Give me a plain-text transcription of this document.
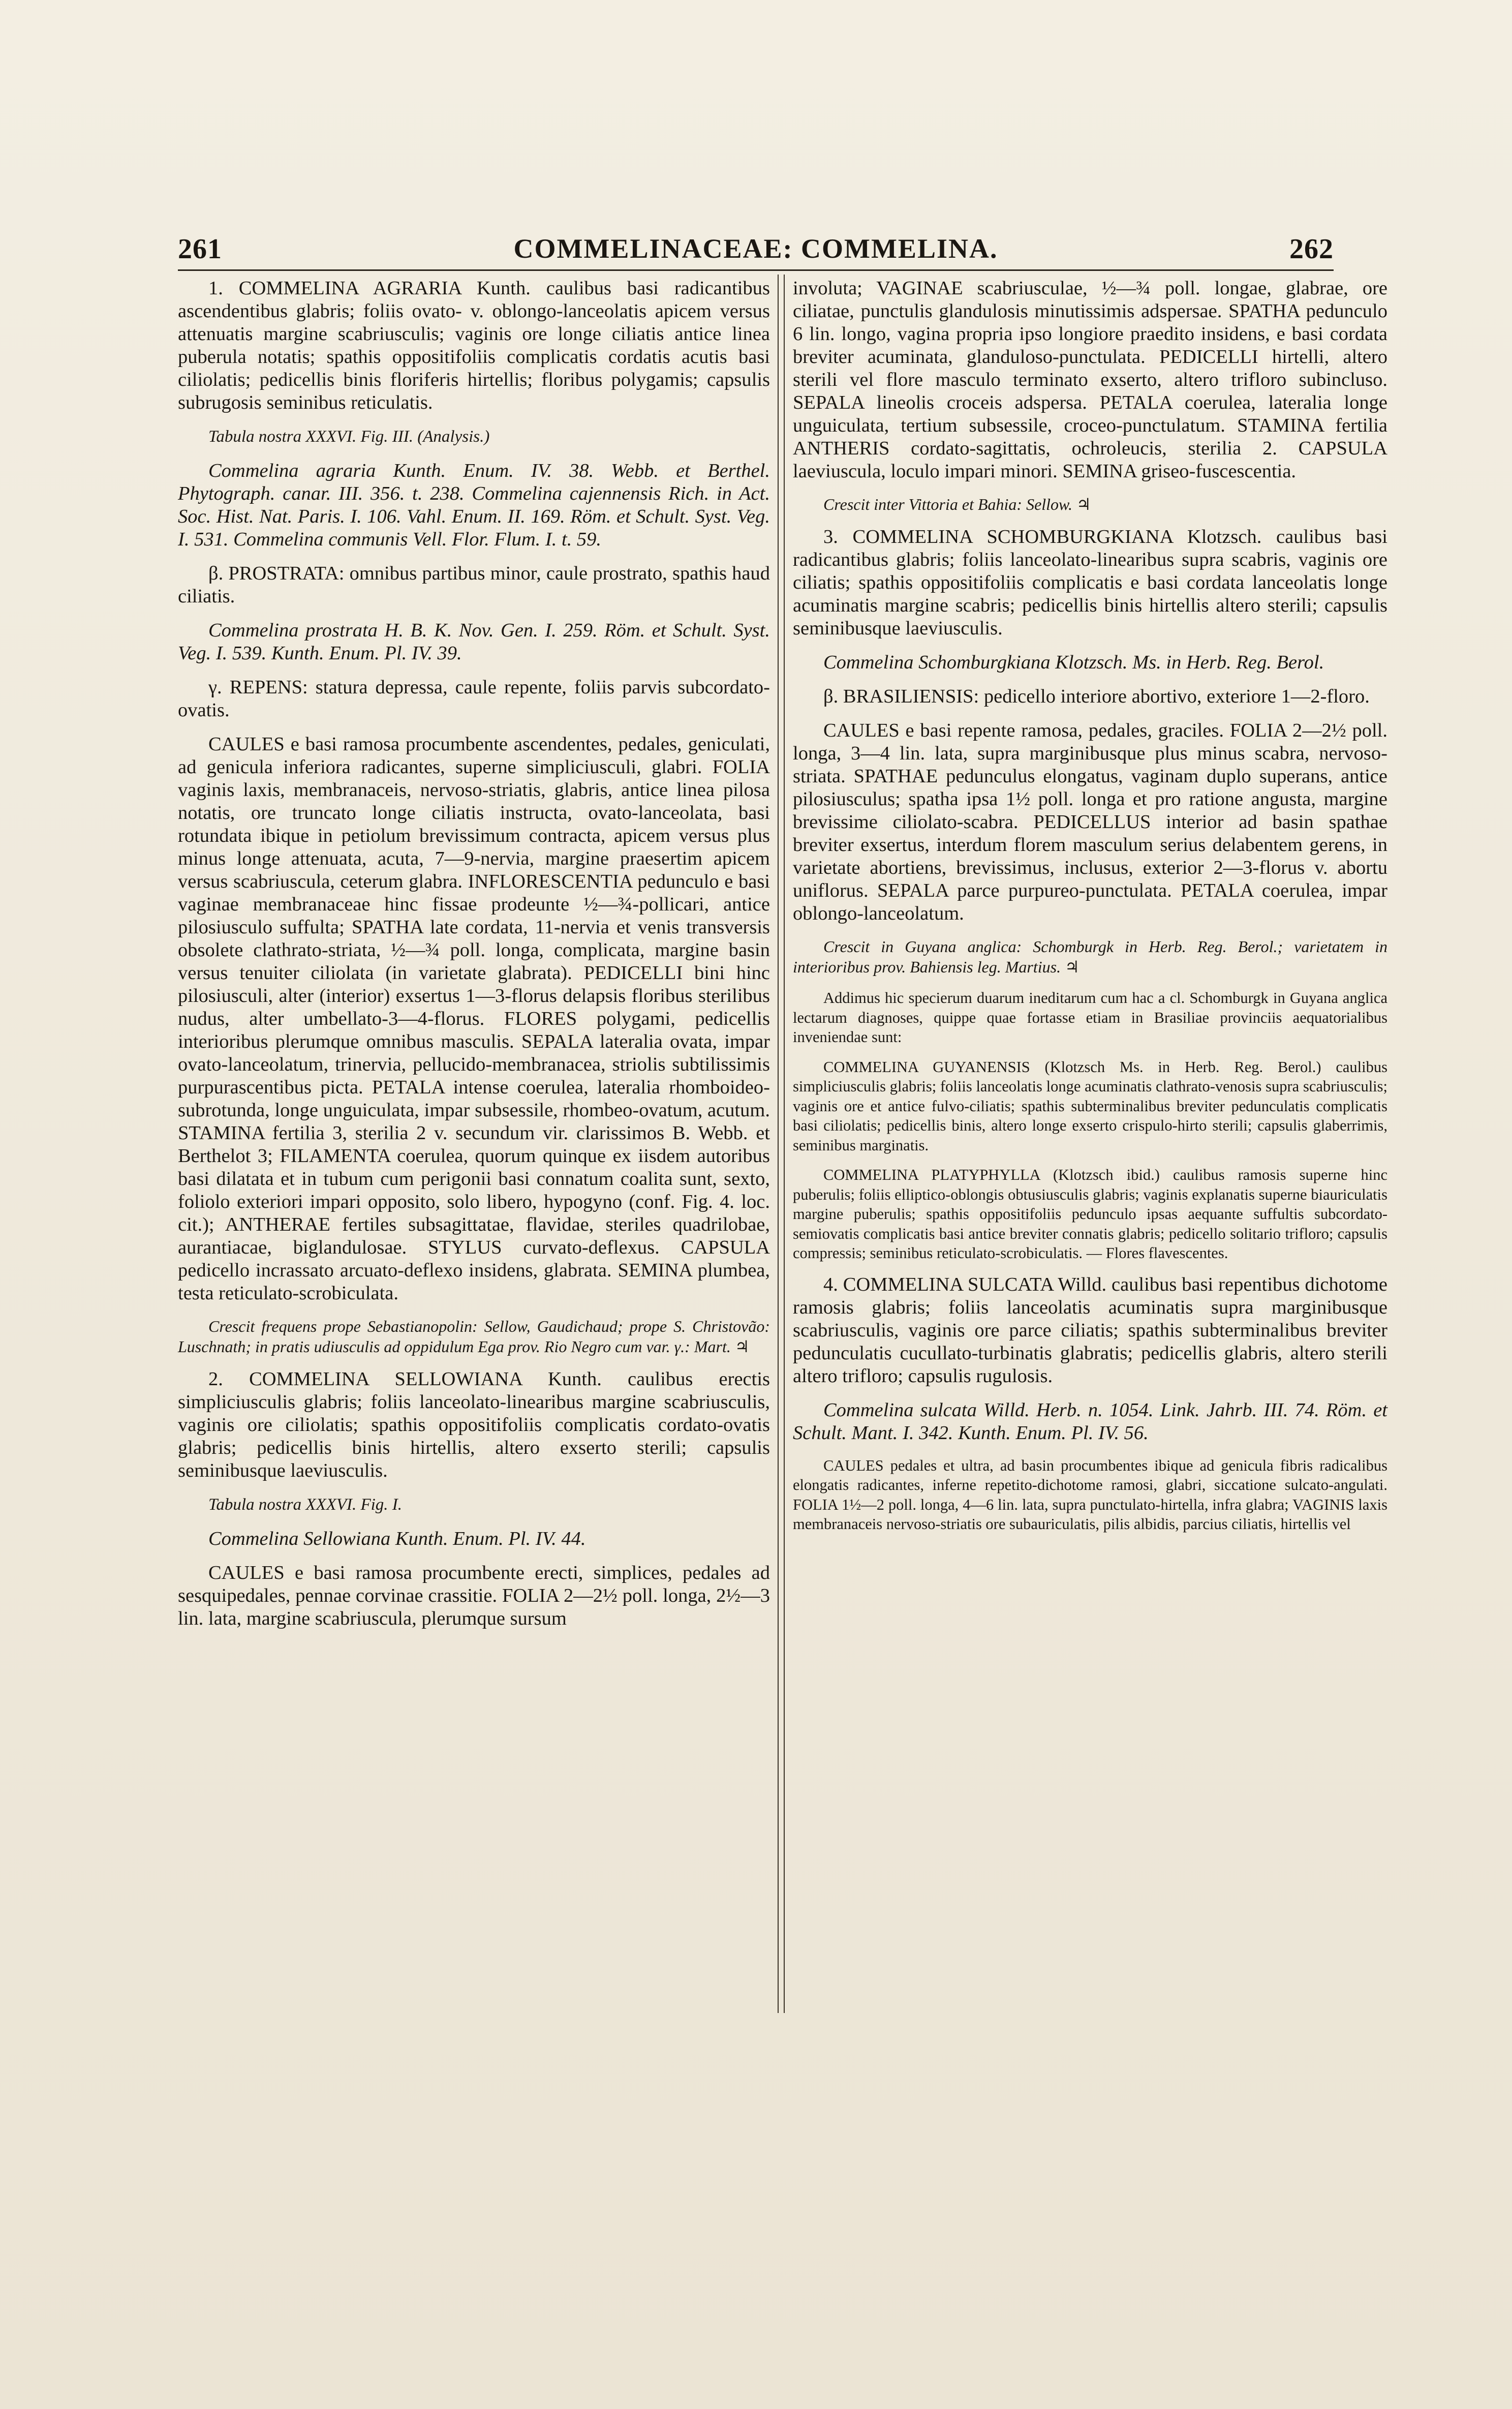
261	COMMELINACEAE: COMMELINA.	262

1. COMMELINA AGRARIA Kunth. caulibus basi radicantibus ascendentibus glabris; foliis ovato- v. oblongo-lanceolatis apicem versus attenuatis margine scabriusculis; vaginis ore longe ciliatis antice linea puberula notatis; spathis oppositifoliis complicatis cordatis acutis basi ciliolatis; pedicellis binis floriferis hirtellis; floribus polygamis; capsulis subrugosis seminibus reticulatis.

Tabula nostra XXXVI. Fig. III. (Analysis.)

Commelina agraria Kunth. Enum. IV. 38. Webb. et Berthel. Phytograph. canar. III. 356. t. 238. Commelina cajennensis Rich. in Act. Soc. Hist. Nat. Paris. I. 106. Vahl. Enum. II. 169. Röm. et Schult. Syst. Veg. I. 531. Commelina communis Vell. Flor. Flum. I. t. 59.

β. PROSTRATA: omnibus partibus minor, caule prostrato, spathis haud ciliatis.

Commelina prostrata H. B. K. Nov. Gen. I. 259. Röm. et Schult. Syst. Veg. I. 539. Kunth. Enum. Pl. IV. 39.

γ. REPENS: statura depressa, caule repente, foliis parvis subcordato-ovatis.

CAULES e basi ramosa procumbente ascendentes, pedales, geniculati, ad genicula inferiora radicantes, superne simpliciusculi, glabri. FOLIA vaginis laxis, membranaceis, nervoso-striatis, glabris, antice linea pilosa notatis, ore truncato longe ciliatis instructa, ovato-lanceolata, basi rotundata ibique in petiolum brevissimum contracta, apicem versus plus minus longe attenuata, acuta, 7—9-nervia, margine praesertim apicem versus scabriuscula, ceterum glabra. INFLORESCENTIA pedunculo e basi vaginae membranaceae hinc fissae prodeunte ½—¾-pollicari, antice pilosiusculo suffulta; SPATHA late cordata, 11-nervia et venis transversis obsolete clathrato-striata, ½—¾ poll. longa, complicata, margine basin versus tenuiter ciliolata (in varietate glabrata). PEDICELLI bini hinc pilosiusculi, alter (interior) exsertus 1—3-florus delapsis floribus sterilibus nudus, alter umbellato-3—4-florus. FLORES polygami, pedicellis interioribus plerumque omnibus masculis. SEPALA lateralia ovata, impar ovato-lanceolatum, trinervia, pellucido-membranacea, striolis subtilissimis purpurascentibus picta. PETALA intense coerulea, lateralia rhomboideo-subrotunda, longe unguiculata, impar subsessile, rhombeo-ovatum, acutum. STAMINA fertilia 3, sterilia 2 v. secundum vir. clarissimos B. Webb. et Berthelot 3; FILAMENTA coerulea, quorum quinque ex iisdem autoribus basi dilatata et in tubum cum perigonii basi connatum coalita sunt, sexto, foliolo exteriori impari opposito, solo libero, hypogyno (conf. Fig. 4. loc. cit.); ANTHERAE fertiles subsagittatae, flavidae, steriles quadrilobae, aurantiacae, biglandulosae. STYLUS curvato-deflexus. CAPSULA pedicello incrassato arcuato-deflexo insidens, glabrata. SEMINA plumbea, testa reticulato-scrobiculata.

Crescit frequens prope Sebastianopolin: Sellow, Gaudichaud; prope S. Christovão: Luschnath; in pratis udiusculis ad oppidulum Ega prov. Rio Negro cum var. γ.: Mart. ♃

2. COMMELINA SELLOWIANA Kunth. caulibus erectis simpliciusculis glabris; foliis lanceolato-linearibus margine scabriusculis, vaginis ore ciliolatis; spathis oppositifoliis complicatis cordato-ovatis glabris; pedicellis binis hirtellis, altero exserto sterili; capsulis seminibusque laeviusculis.

Tabula nostra XXXVI. Fig. I.

Commelina Sellowiana Kunth. Enum. Pl. IV. 44.

CAULES e basi ramosa procumbente erecti, simplices, pedales ad sesquipedales, pennae corvinae crassitie. FOLIA 2—2½ poll. longa, 2½—3 lin. lata, margine scabriuscula, plerumque sursum

involuta; VAGINAE scabriusculae, ½—¾ poll. longae, glabrae, ore ciliatae, punctulis glandulosis minutissimis adspersae. SPATHA pedunculo 6 lin. longo, vagina propria ipso longiore praedito insidens, e basi cordata breviter acuminata, glanduloso-punctulata. PEDICELLI hirtelli, altero sterili vel flore masculo terminato exserto, altero trifloro subincluso. SEPALA lineolis croceis adspersa. PETALA coerulea, lateralia longe unguiculata, tertium subsessile, croceo-punctulatum. STAMINA fertilia ANTHERIS cordato-sagittatis, ochroleucis, sterilia 2. CAPSULA laeviuscula, loculo impari minori. SEMINA griseo-fuscescentia.

Crescit inter Vittoria et Bahia: Sellow. ♃

3. COMMELINA SCHOMBURGKIANA Klotzsch. caulibus basi radicantibus glabris; foliis lanceolato-linearibus supra scabris, vaginis ore ciliatis; spathis oppositifoliis complicatis e basi cordata lanceolatis longe acuminatis margine scabris; pedicellis binis hirtellis altero sterili; capsulis seminibusque laeviusculis.

Commelina Schomburgkiana Klotzsch. Ms. in Herb. Reg. Berol.

β. BRASILIENSIS: pedicello interiore abortivo, exteriore 1—2-floro.

CAULES e basi repente ramosa, pedales, graciles. FOLIA 2—2½ poll. longa, 3—4 lin. lata, supra marginibusque plus minus scabra, nervoso-striata. SPATHAE pedunculus elongatus, vaginam duplo superans, antice pilosiusculus; spatha ipsa 1½ poll. longa et pro ratione angusta, margine brevissime ciliolato-scabra. PEDICELLUS interior ad basin spathae breviter exsertus, interdum florem masculum serius delabentem gerens, in varietate abortiens, brevissimus, inclusus, exterior 2—3-florus v. abortu uniflorus. SEPALA parce purpureo-punctulata. PETALA coerulea, impar oblongo-lanceolatum.

Crescit in Guyana anglica: Schomburgk in Herb. Reg. Berol.; varietatem in interioribus prov. Bahiensis leg. Martius. ♃

Addimus hic specierum duarum ineditarum cum hac a cl. Schomburgk in Guyana anglica lectarum diagnoses, quippe quae fortasse etiam in Brasiliae provinciis aequatorialibus inveniendae sunt:

COMMELINA GUYANENSIS (Klotzsch Ms. in Herb. Reg. Berol.) caulibus simpliciusculis glabris; foliis lanceolatis longe acuminatis clathrato-venosis supra scabriusculis; vaginis ore et antice fulvo-ciliatis; spathis subterminalibus breviter pedunculatis complicatis basi ciliolatis; pedicellis binis, altero longe exserto crispulo-hirto sterili; capsulis glaberrimis, seminibus marginatis.

COMMELINA PLATYPHYLLA (Klotzsch ibid.) caulibus ramosis superne hinc puberulis; foliis elliptico-oblongis obtusiusculis glabris; vaginis explanatis superne biauriculatis margine puberulis; spathis oppositifoliis pedunculo ipsas aequante suffultis subcordato-semiovatis complicatis basi antice breviter connatis glabris; pedicello solitario trifloro; capsulis compressis; seminibus reticulato-scrobiculatis. — Flores flavescentes.

4. COMMELINA SULCATA Willd. caulibus basi repentibus dichotome ramosis glabris; foliis lanceolatis acuminatis supra marginibusque scabriusculis, vaginis ore parce ciliatis; spathis subterminalibus breviter pedunculatis cucullato-turbinatis glabratis; pedicellis glabris, altero sterili altero trifloro; capsulis rugulosis.

Commelina sulcata Willd. Herb. n. 1054. Link. Jahrb. III. 74. Röm. et Schult. Mant. I. 342. Kunth. Enum. Pl. IV. 56.

CAULES pedales et ultra, ad basin procumbentes ibique ad genicula fibris radicalibus elongatis radicantes, inferne repetito-dichotome ramosi, glabri, siccatione sulcato-angulati. FOLIA 1½—2 poll. longa, 4—6 lin. lata, supra punctulato-hirtella, infra glabra; VAGINIS laxis membranaceis nervoso-striatis ore subauriculatis, pilis albidis, parcius ciliatis, hirtellis vel
